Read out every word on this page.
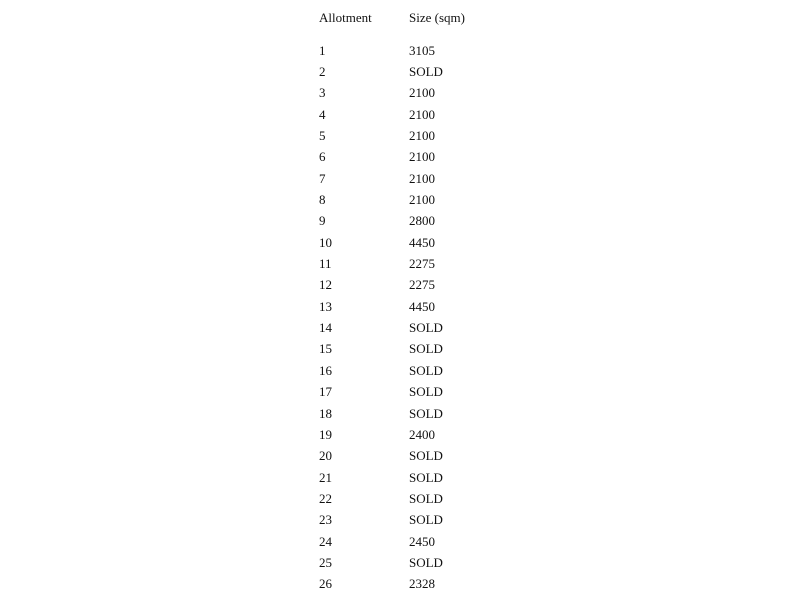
Allotment	Size (sqm)
1	3105
2	SOLD
3	2100
4	2100
5	2100
6	2100
7	2100
8	2100
9	2800
10	4450
11	2275
12	2275
13	4450
14	SOLD
15	SOLD
16	SOLD
17	SOLD
18	SOLD
19	2400
20	SOLD
21	SOLD
22	SOLD
23	SOLD
24	2450
25	SOLD
26	2328
